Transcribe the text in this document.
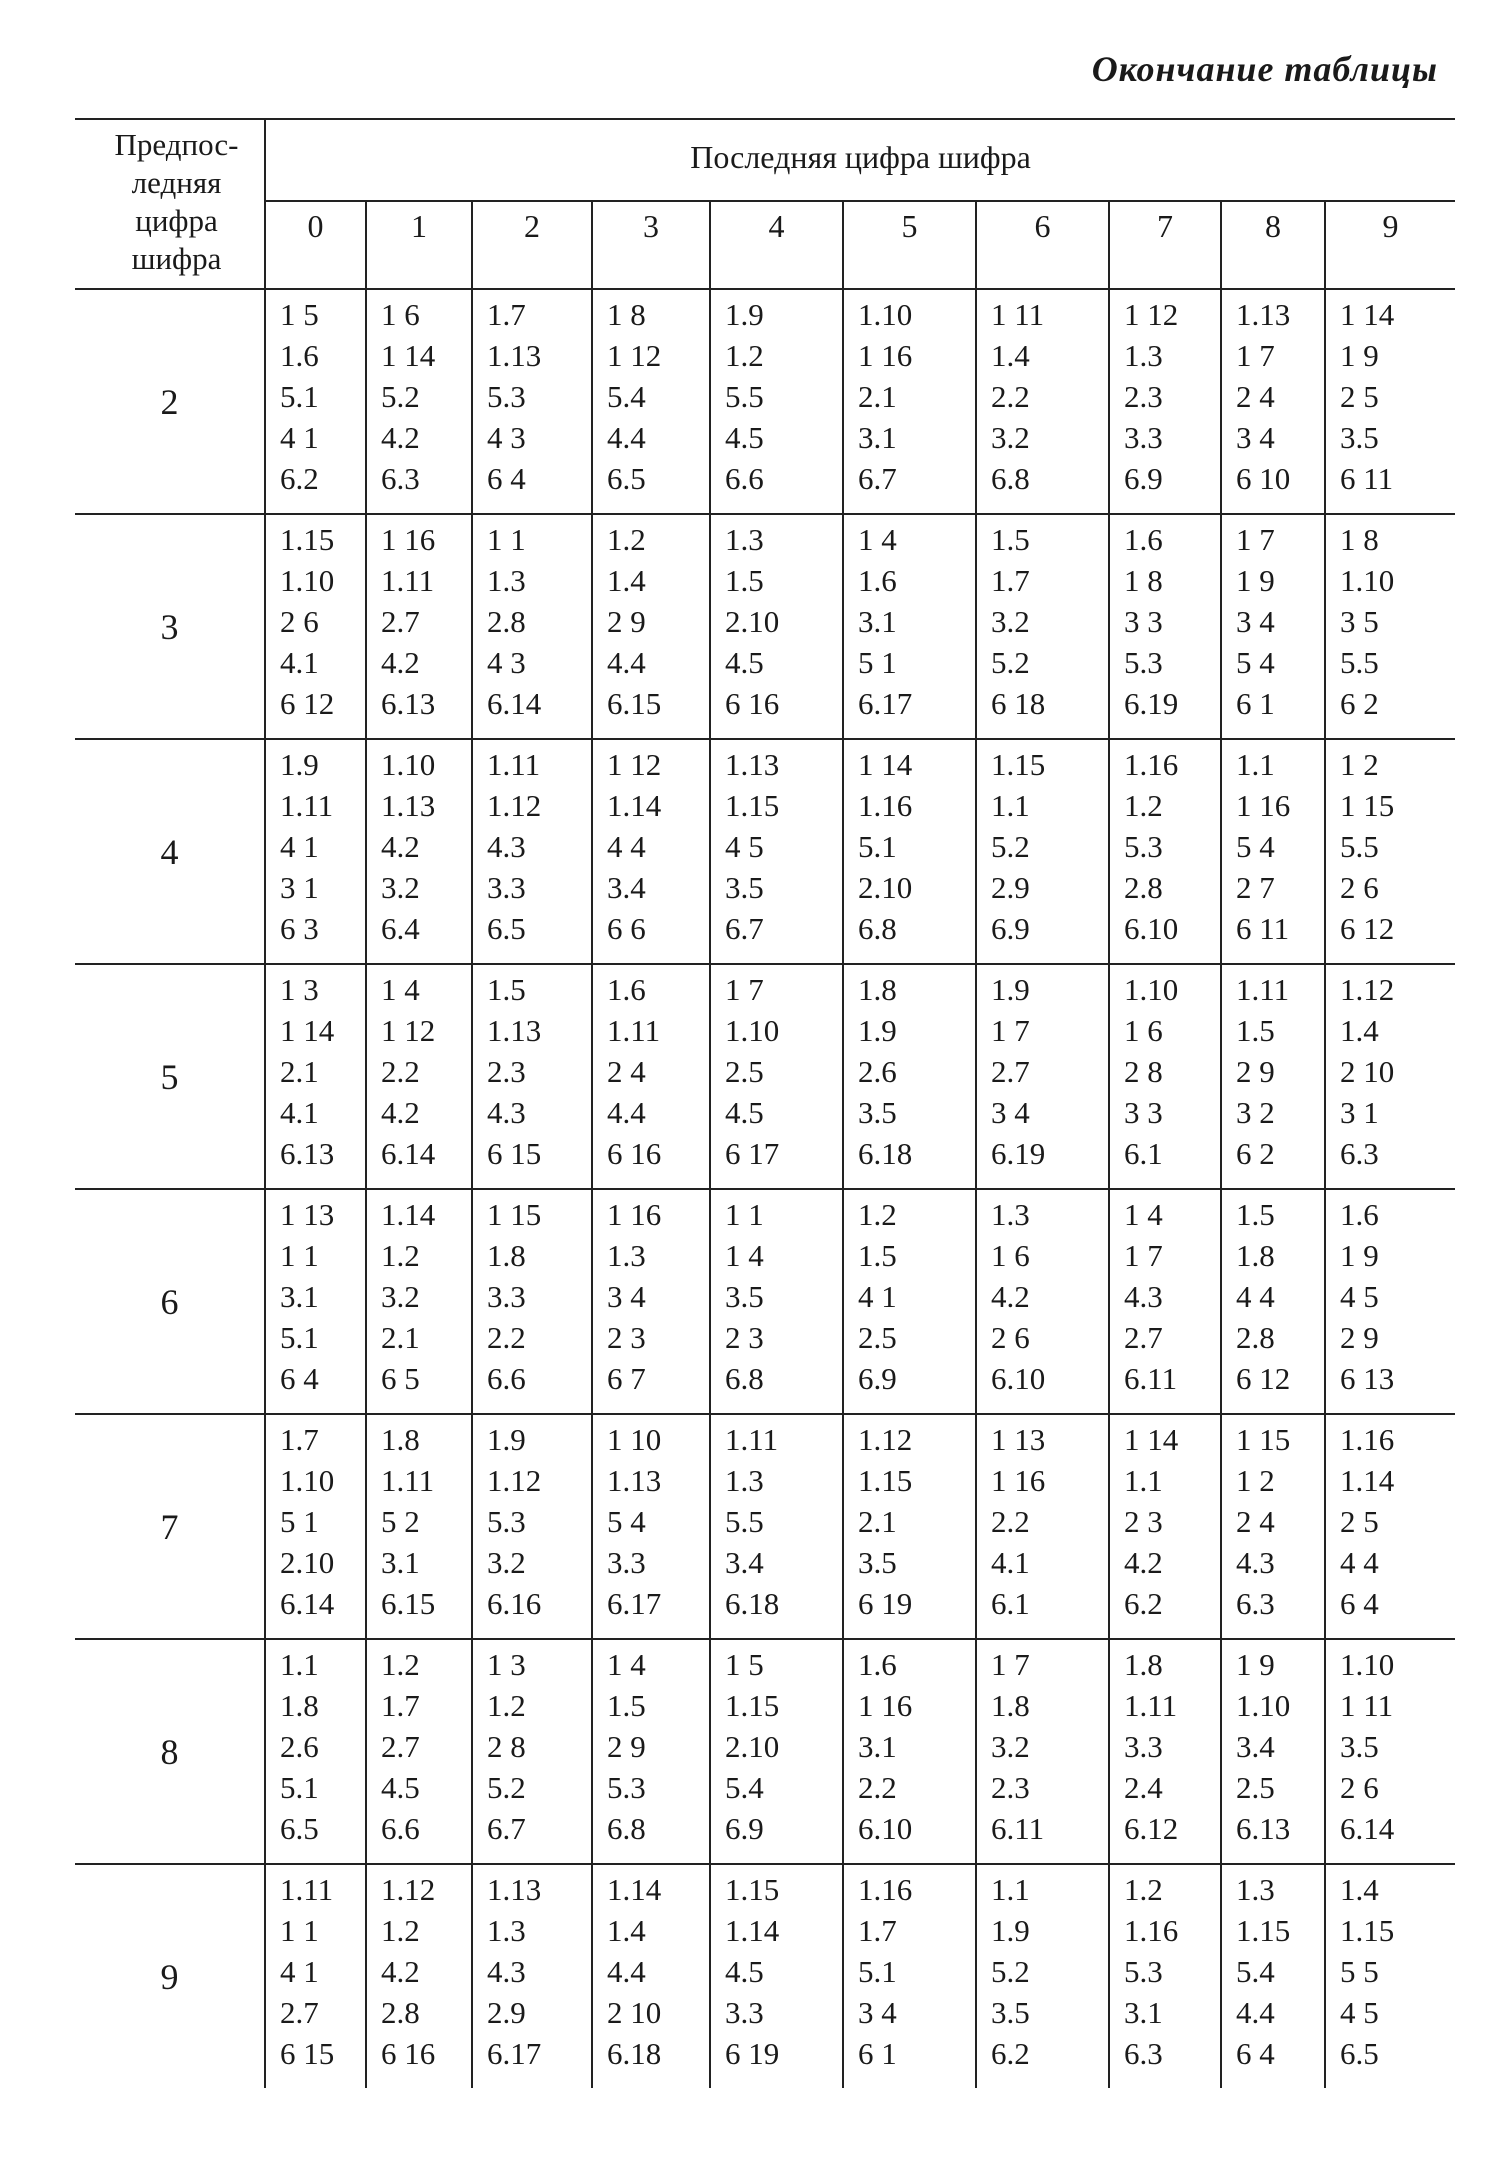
Окончание таблицы
Предпос-
ледняя
цифра
шифра	Последняя цифра шифра									
	0	1	2	3	4	5	6	7	8	9
2	1 5
1.6
5.1
4 1
6.2	1 6
1 14
5.2
4.2
6.3	1.7
1.13
5.3
4 3
6 4	1 8
1 12
5.4
4.4
6.5	1.9
1.2
5.5
4.5
6.6	1.10
1 16
2.1
3.1
6.7	1 11
1.4
2.2
3.2
6.8	1 12
1.3
2.3
3.3
6.9	1.13
1 7
2 4
3 4
6 10	1 14
1 9
2 5
3.5
6 11

3	1.15
1.10
2 6
4.1
6 12	1 16
1.11
2.7
4.2
6.13	1 1
1.3
2.8
4 3
6.14	1.2
1.4
2 9
4.4
6.15	1.3
1.5
2.10
4.5
6 16	1 4
1.6
3.1
5 1
6.17	1.5
1.7
3.2
5.2
6 18	1.6
1 8
3 3
5.3
6.19	1 7
1 9
3 4
5 4
6 1	1 8
1.10
3 5
5.5
6 2

4	1.9
1.11
4 1
3 1
6 3	1.10
1.13
4.2
3.2
6.4	1.11
1.12
4.3
3.3
6.5	1 12
1.14
4 4
3.4
6 6	1.13
1.15
4 5
3.5
6.7	1 14
1.16
5.1
2.10
6.8	1.15
1.1
5.2
2.9
6.9	1.16
1.2
5.3
2.8
6.10	1.1
1 16
5 4
2 7
6 11	1 2
1 15
5.5
2 6
6 12

5	1 3
1 14
2.1
4.1
6.13	1 4
1 12
2.2
4.2
6.14	1.5
1.13
2.3
4.3
6 15	1.6
1.11
2 4
4.4
6 16	1 7
1.10
2.5
4.5
6 17	1.8
1.9
2.6
3.5
6.18	1.9
1 7
2.7
3 4
6.19	1.10
1 6
2 8
3 3
6.1	1.11
1.5
2 9
3 2
6 2	1.12
1.4
2 10
3 1
6.3

6	1 13
1 1
3.1
5.1
6 4	1.14
1.2
3.2
2.1
6 5	1 15
1.8
3.3
2.2
6.6	1 16
1.3
3 4
2 3
6 7	1 1
1 4
3.5
2 3
6.8	1.2
1.5
4 1
2.5
6.9	1.3
1 6
4.2
2 6
6.10	1 4
1 7
4.3
2.7
6.11	1.5
1.8
4 4
2.8
6 12	1.6
1 9
4 5
2 9
6 13

7	1.7
1.10
5 1
2.10
6.14	1.8
1.11
5 2
3.1
6.15	1.9
1.12
5.3
3.2
6.16	1 10
1.13
5 4
3.3
6.17	1.11
1.3
5.5
3.4
6.18	1.12
1.15
2.1
3.5
6 19	1 13
1 16
2.2
4.1
6.1	1 14
1.1
2 3
4.2
6.2	1 15
1 2
2 4
4.3
6.3	1.16
1.14
2 5
4 4
6 4

8	1.1
1.8
2.6
5.1
6.5	1.2
1.7
2.7
4.5
6.6	1 3
1.2
2 8
5.2
6.7	1 4
1.5
2 9
5.3
6.8	1 5
1.15
2.10
5.4
6.9	1.6
1 16
3.1
2.2
6.10	1 7
1.8
3.2
2.3
6.11	1.8
1.11
3.3
2.4
6.12	1 9
1.10
3.4
2.5
6.13	1.10
1 11
3.5
2 6
6.14

9	1.11
1 1
4 1
2.7
6 15	1.12
1.2
4.2
2.8
6 16	1.13
1.3
4.3
2.9
6.17	1.14
1.4
4.4
2 10
6.18	1.15
1.14
4.5
3.3
6 19	1.16
1.7
5.1
3 4
6 1	1.1
1.9
5.2
3.5
6.2	1.2
1.16
5.3
3.1
6.3	1.3
1.15
5.4
4.4
6 4	1.4
1.15
5 5
4 5
6.5
